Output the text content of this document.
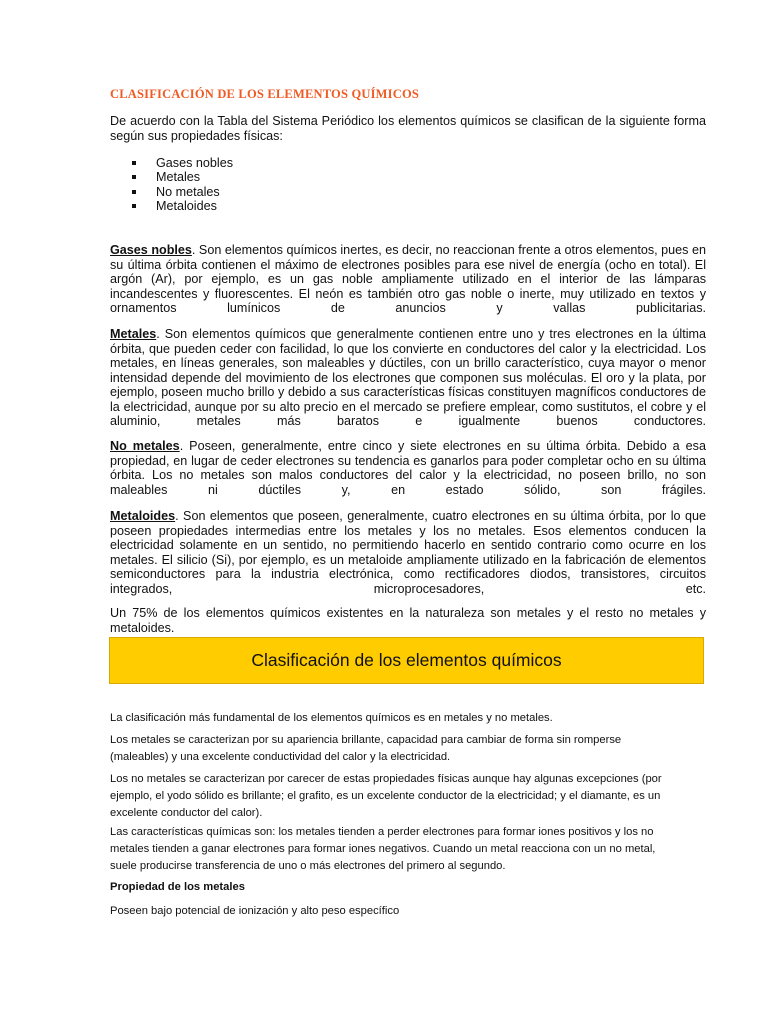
CLASIFICACIÓN DE LOS ELEMENTOS QUÍMICOS

De acuerdo con la Tabla del Sistema Periódico los elementos químicos se clasifican de la siguiente forma según sus propiedades físicas:

Gases nobles
Metales
No metales
Metaloides

Gases nobles. Son elementos químicos inertes, es decir, no reaccionan frente a otros elementos, pues en su última órbita contienen el máximo de electrones posibles para ese nivel de energía (ocho en total). El argón (Ar), por ejemplo, es un gas noble ampliamente utilizado en el interior de las lámparas incandescentes y fluorescentes. El neón es también otro gas noble o inerte, muy utilizado en textos y ornamentos lumínicos de anuncios y vallas publicitarias.

Metales. Son elementos químicos que generalmente contienen entre uno y tres electrones en la última órbita, que pueden ceder con facilidad, lo que los convierte en conductores del calor y la electricidad. Los metales, en líneas generales, son maleables y dúctiles, con un brillo característico, cuya mayor o menor intensidad depende del movimiento de los electrones que componen sus moléculas. El oro y la plata, por ejemplo, poseen mucho brillo y debido a sus características físicas constituyen magníficos conductores de la electricidad, aunque por su alto precio en el mercado se prefiere emplear, como sustitutos, el cobre y el aluminio, metales más baratos e igualmente buenos conductores.

No metales. Poseen, generalmente, entre cinco y siete electrones en su última órbita. Debido a esa propiedad, en lugar de ceder electrones su tendencia es ganarlos para poder completar ocho en su última órbita. Los no metales son malos conductores del calor y la electricidad, no poseen brillo, no son maleables ni dúctiles y, en estado sólido, son frágiles.

Metaloides. Son elementos que poseen, generalmente, cuatro electrones en su última órbita, por lo que poseen propiedades intermedias entre los metales y los no metales. Esos elementos conducen la electricidad solamente en un sentido, no permitiendo hacerlo en sentido contrario como ocurre en los metales. El silicio (Si), por ejemplo, es un metaloide ampliamente utilizado en la fabricación de elementos semiconductores para la industria electrónica, como rectificadores diodos, transistores, circuitos integrados, microprocesadores, etc.

Un 75% de los elementos químicos existentes en la naturaleza son metales y el resto no metales y metaloides.

Clasificación de los elementos químicos

La clasificación más fundamental de los elementos químicos es en metales y no metales.

Los metales se caracterizan por su apariencia brillante, capacidad para cambiar de forma sin romperse (maleables) y una excelente conductividad del calor y la electricidad.

Los no metales se caracterizan por carecer de estas propiedades físicas aunque hay algunas excepciones (por ejemplo, el yodo sólido es brillante; el grafito, es un excelente conductor de la electricidad; y el diamante, es un excelente conductor del calor).

Las características químicas son: los metales tienden a perder electrones para formar iones positivos y los no metales tienden a ganar electrones para formar iones negativos. Cuando un metal reacciona con un no metal, suele producirse transferencia de uno o más electrones del primero al segundo.

Propiedad de los metales

Poseen bajo potencial de ionización y alto peso específico
